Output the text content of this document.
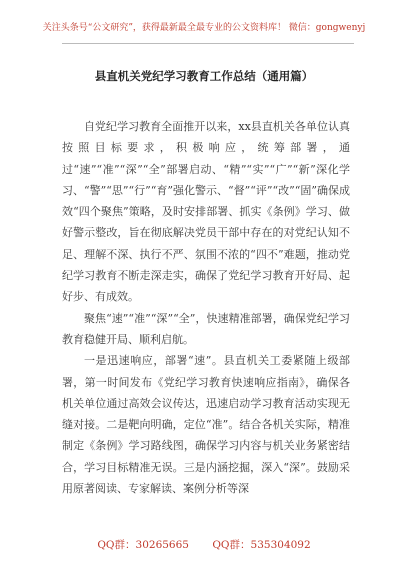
关注头条号“公文研究”，获得最新最全最专业的公文资料库！ 微信：gongwenyj
县直机关党纪学习教育工作总结（通用篇）

自党纪学习教育全面推开以来，xx县直机关各单位认真按照目标要求，积极响应，统筹部署，通过“速”“准”“深”“全”部署启动、“精”“实”“广”“新”深化学习、“警”“思”“行”“育”强化警示、“督”“评”“改”“固”确保成效“四个聚焦”策略，及时安排部署、抓实《条例》学习、做好警示整改，旨在彻底解决党员干部中存在的对党纪认知不足、理解不深、执行不严、氛围不浓的“四不”难题，推动党纪学习教育不断走深走实，确保了党纪学习教育开好局、起好步、有成效。

聚焦“速”“准”“深”“全”，快速精准部署，确保党纪学习教育稳健开局、顺利启航。

一是迅速响应，部署“速”。县直机关工委紧随上级部署，第一时间发布《党纪学习教育快速响应指南》，确保各机关单位通过高效会议传达，迅速启动学习教育活动实现无缝对接。二是靶向明确，定位“准”。结合各机关实际，精准制定《条例》学习路线图，确保学习内容与机关业务紧密结合，学习目标精准无误。三是内涵挖掘，深入“深”。鼓励采用原著阅读、专家解读、案例分析等深

QQ群：30265665 QQ群：535304092
